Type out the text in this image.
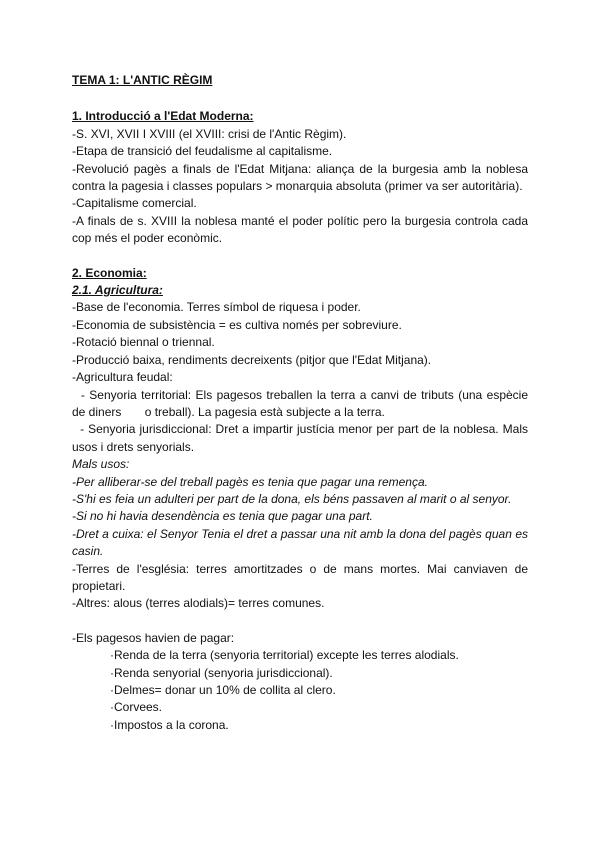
TEMA 1: L'ANTIC RÈGIM
1. Introducció a l'Edat Moderna:

-S. XVI, XVII I XVIII (el XVIII: crisi de l'Antic Règim).

-Etapa de transició del feudalisme al capitalisme.

-Revolució pagès a finals de l'Edat Mitjana: aliança de la burgesia amb la noblesa contra la pagesia i classes populars > monarquia absoluta (primer va ser autoritària).

-Capitalisme comercial.

-A finals de s. XVIII la noblesa manté el poder polític pero la burgesia controla cada cop més el poder econòmic.

2. Economia:
2.1. Agricultura:

-Base de l'economia. Terres símbol de riquesa i poder.

-Economia de subsistència = es cultiva només per sobreviure.

-Rotació biennal o triennal.

-Producció baixa, rendiments decreixents (pitjor que l'Edat Mitjana).

-Agricultura feudal:

- Senyoria territorial: Els pagesos treballen la terra a canvi de tributs (una espècie de diners       o treball). La pagesia està subjecte a la terra.

- Senyoria jurisdiccional: Dret a impartir justícia menor per part de la noblesa. Mals usos i drets senyorials.

Mals usos:

-Per alliberar-se del treball pagès es tenia que pagar una remença.

-S'hi es feia un adulteri per part de la dona, els béns passaven al marit o al senyor.

-Si no hi havia desendència es tenia que pagar una part.

-Dret a cuixa: el Senyor Tenia el dret a passar una nit amb la dona del pagès quan es casin.

-Terres de l'església: terres amortitzades o de mans mortes. Mai canviaven de propietari.

-Altres: alous (terres alodials)= terres comunes.

-Els pagesos havien de pagar:

·Renda de la terra (senyoria territorial) excepte les terres alodials.

·Renda senyorial (senyoria jurisdiccional).

·Delmes= donar un 10% de collita al clero.

·Corvees.

·Impostos a la corona.
